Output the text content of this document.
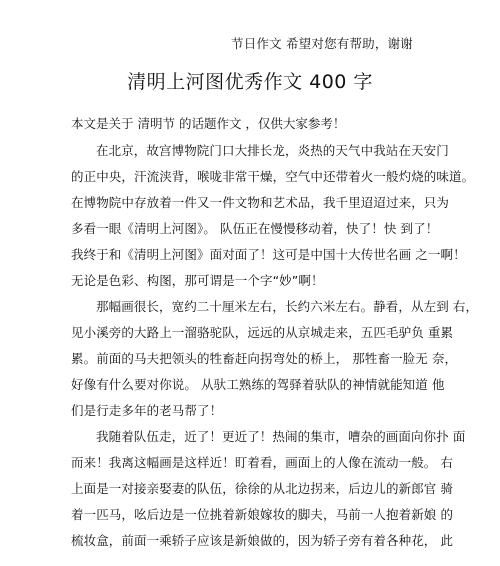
节日作文 希望对您有帮助，谢谢
清明上河图优秀作文 400 字
本文是关于 清明节 的话题作文 ，仅供大家参考！
在北京，故宫博物院门口大排长龙，炎热的天气中我站在天安门
的正中央，汗流浃背，喉咙非常干燥，空气中还带着火一般灼烧的味道。
在博物院中存放着一件又一件文物和艺术品，我千里迢迢过来，只为
多看一眼《清明上河图》。 队伍正在慢慢移动着，快了！快 到了！
我终于和《清明上河图》面对面了！这可是中国十大传世名画 之一啊！
无论是色彩、构图，那可谓是一个字“妙”啊！
那幅画很长，宽约二十厘米左右，长约六米左右。静看，从左到 右，
见小溪旁的大路上一溜骆驼队，远远的从京城走来，五匹毛驴负 重累
累。前面的马夫把领头的牲畜赶向拐弯处的桥上， 那牲畜一脸无 奈，
好像有什么要对你说。 从驮工熟练的驾驿着驮队的神情就能知道 他
们是行走多年的老马帮了！
我随着队伍走，近了！更近了！热闹的集市，嘈杂的画面向你扑 面
而来！我离这幅画是这样近！盯着看，画面上的人像在流动一般。 右
上面是一对接亲娶妻的队伍，徐徐的从北边拐来，后边儿的新郎官 骑
着一匹马，吆后边是一位挑着新娘嫁妆的脚夫，马前一人抱着新娘 的
梳妆盒，前面一乘轿子应该是新娘做的，因为轿子旁有着各种花， 此
